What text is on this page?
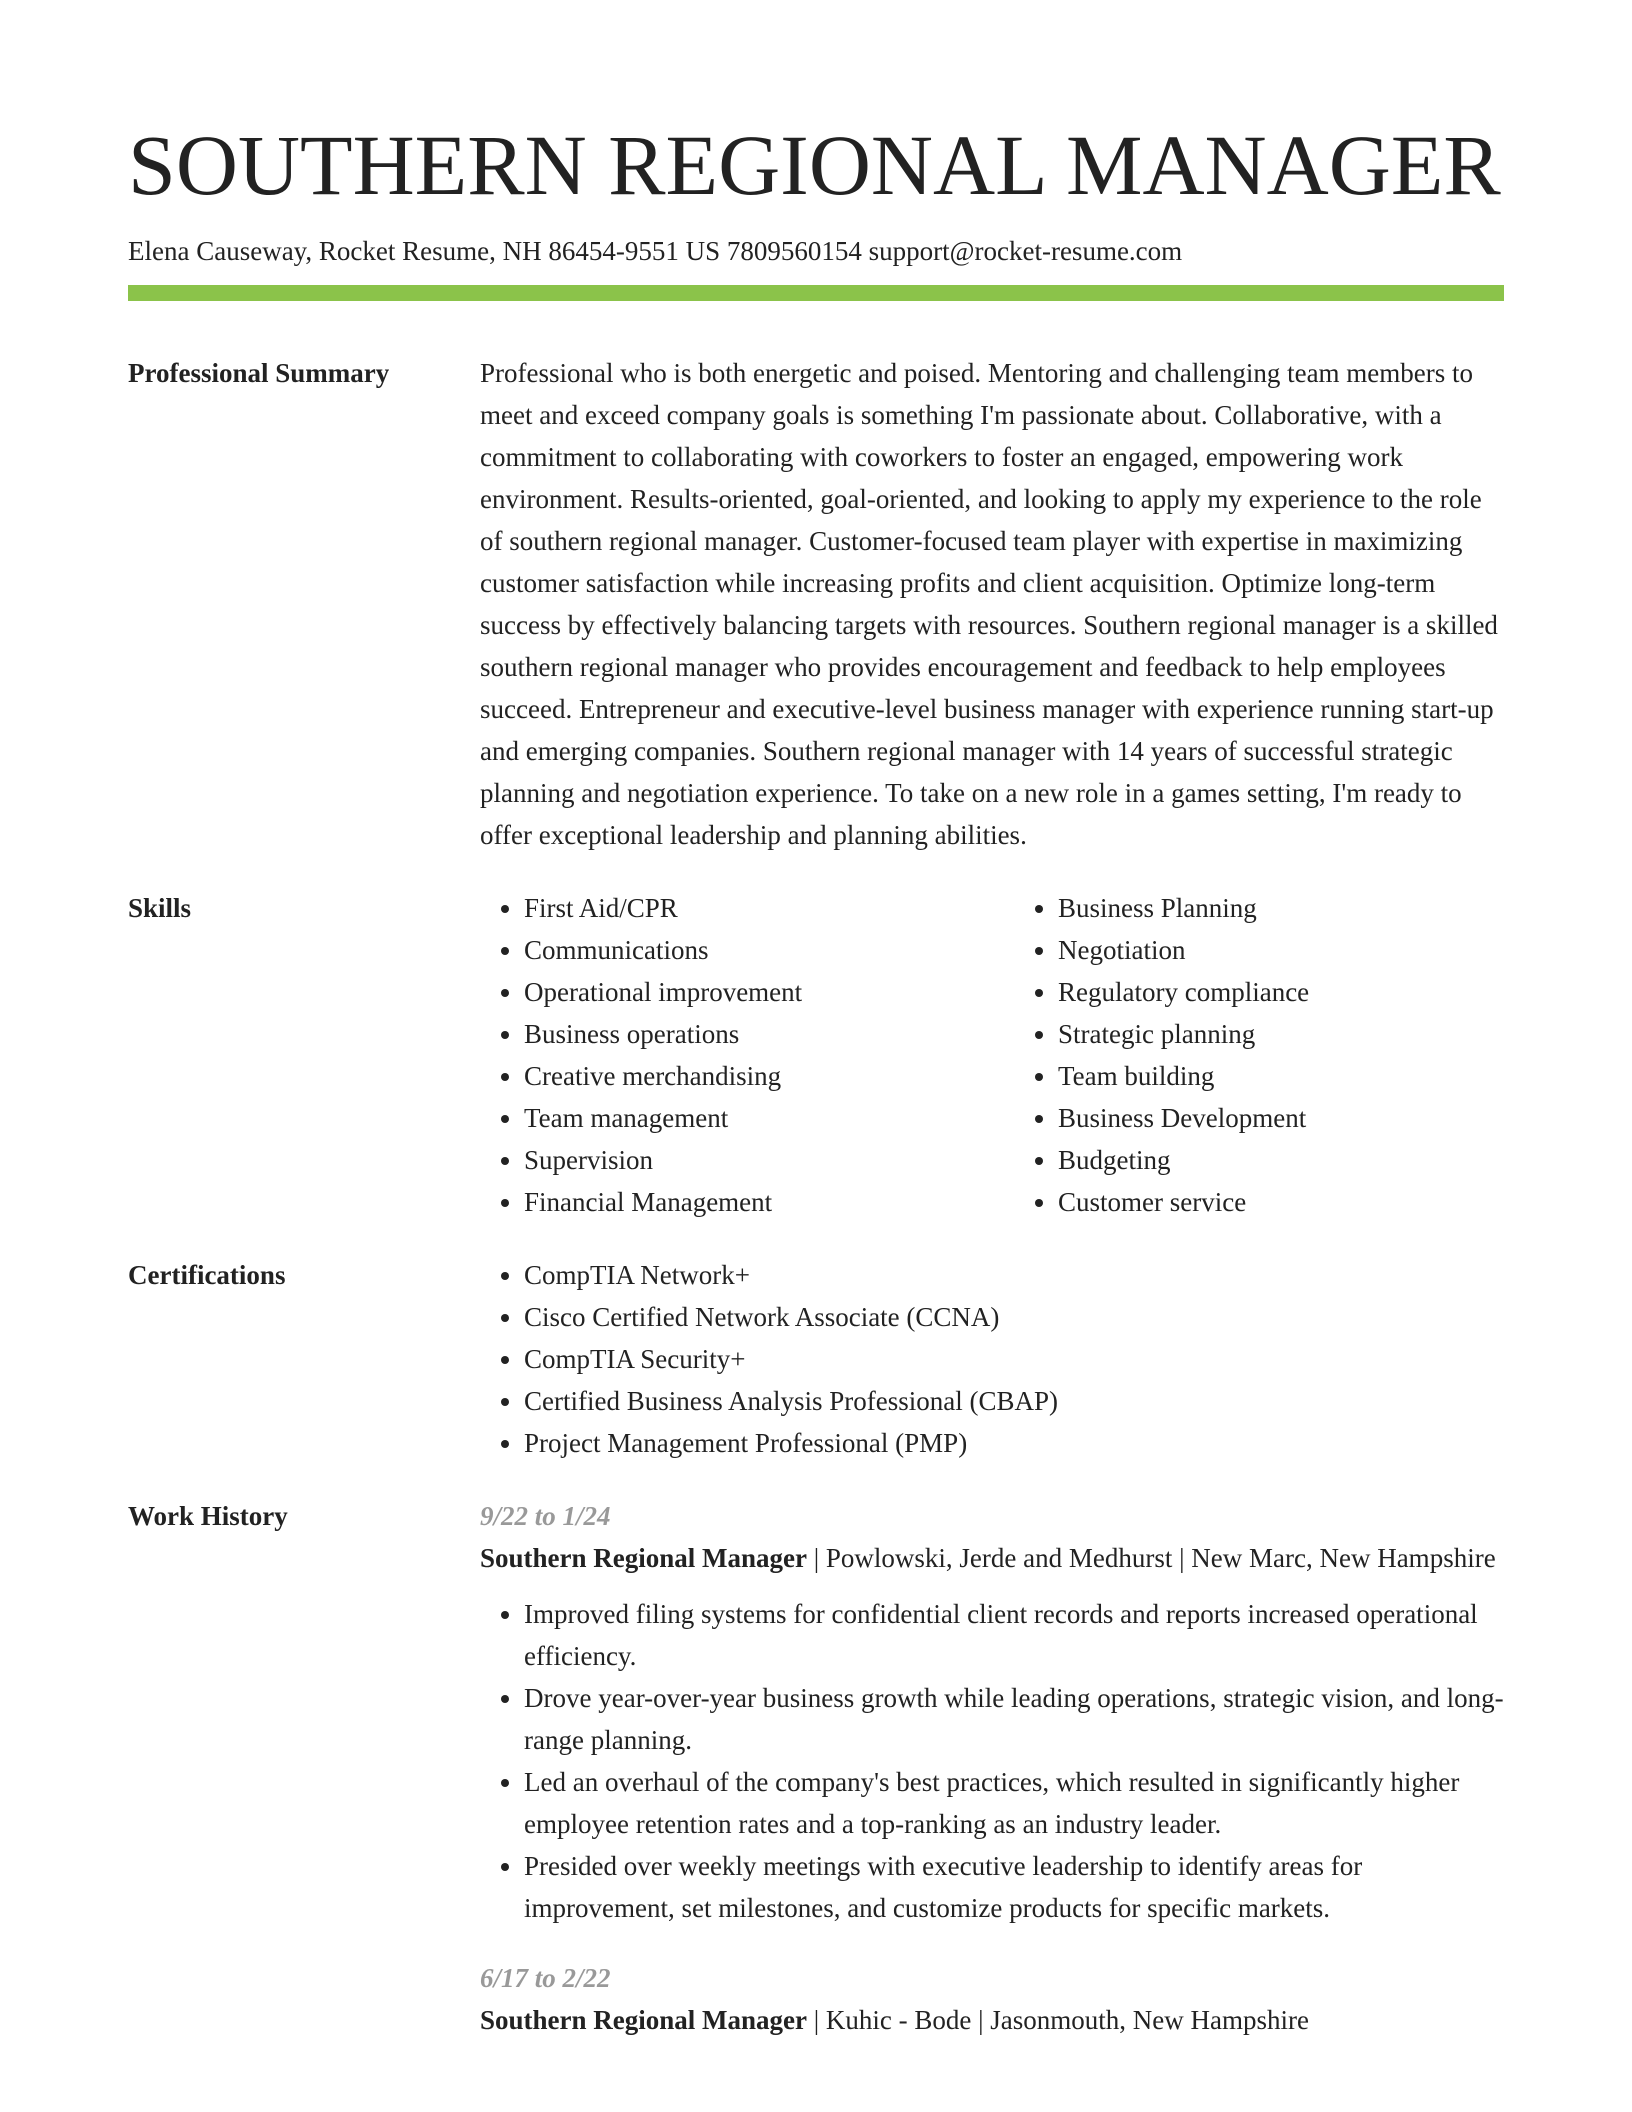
SOUTHERN REGIONAL MANAGER
Elena Causeway, Rocket Resume, NH 86454-9551 US 7809560154 support@rocket-resume.com
Professional Summary	Professional who is both energetic and poised. Mentoring and challenging team members to meet and exceed company goals is something I'm passionate about. Collaborative, with a commitment to collaborating with coworkers to foster an engaged, empowering work environment. Results-oriented, goal-oriented, and looking to apply my experience to the role of southern regional manager. Customer-focused team player with expertise in maximizing customer satisfaction while increasing profits and client acquisition. Optimize long-term success by effectively balancing targets with resources. Southern regional manager is a skilled southern regional manager who provides encouragement and feedback to help employees succeed. Entrepreneur and executive-level business manager with experience running start-up and emerging companies. Southern regional manager with 14 years of successful strategic planning and negotiation experience. To take on a new role in a games setting, I'm ready to offer exceptional leadership and planning abilities.

Skills	• First Aid/CPR
• Communications
• Operational improvement
• Business operations
• Creative merchandising
• Team management
• Supervision
• Financial Management
• Business Planning
• Negotiation
• Regulatory compliance
• Strategic planning
• Team building
• Business Development
• Budgeting
• Customer service
Certifications	• CompTIA Network+
• Cisco Certified Network Associate (CCNA)
• CompTIA Security+
• Certified Business Analysis Professional (CBAP)
• Project Management Professional (PMP)
Work History	9/22 to 1/24

Southern Regional Manager | Powlowski, Jerde and Medhurst | New Marc, New Hampshire

• Improved filing systems for confidential client records and reports increased operational efficiency.
• Drove year-over-year business growth while leading operations, strategic vision, and long-range planning.
• Led an overhaul of the company's best practices, which resulted in significantly higher employee retention rates and a top-ranking as an industry leader.
• Presided over weekly meetings with executive leadership to identify areas for improvement, set milestones, and customize products for specific markets.
6/17 to 2/22

Southern Regional Manager | Kuhic - Bode | Jasonmouth, New Hampshire
